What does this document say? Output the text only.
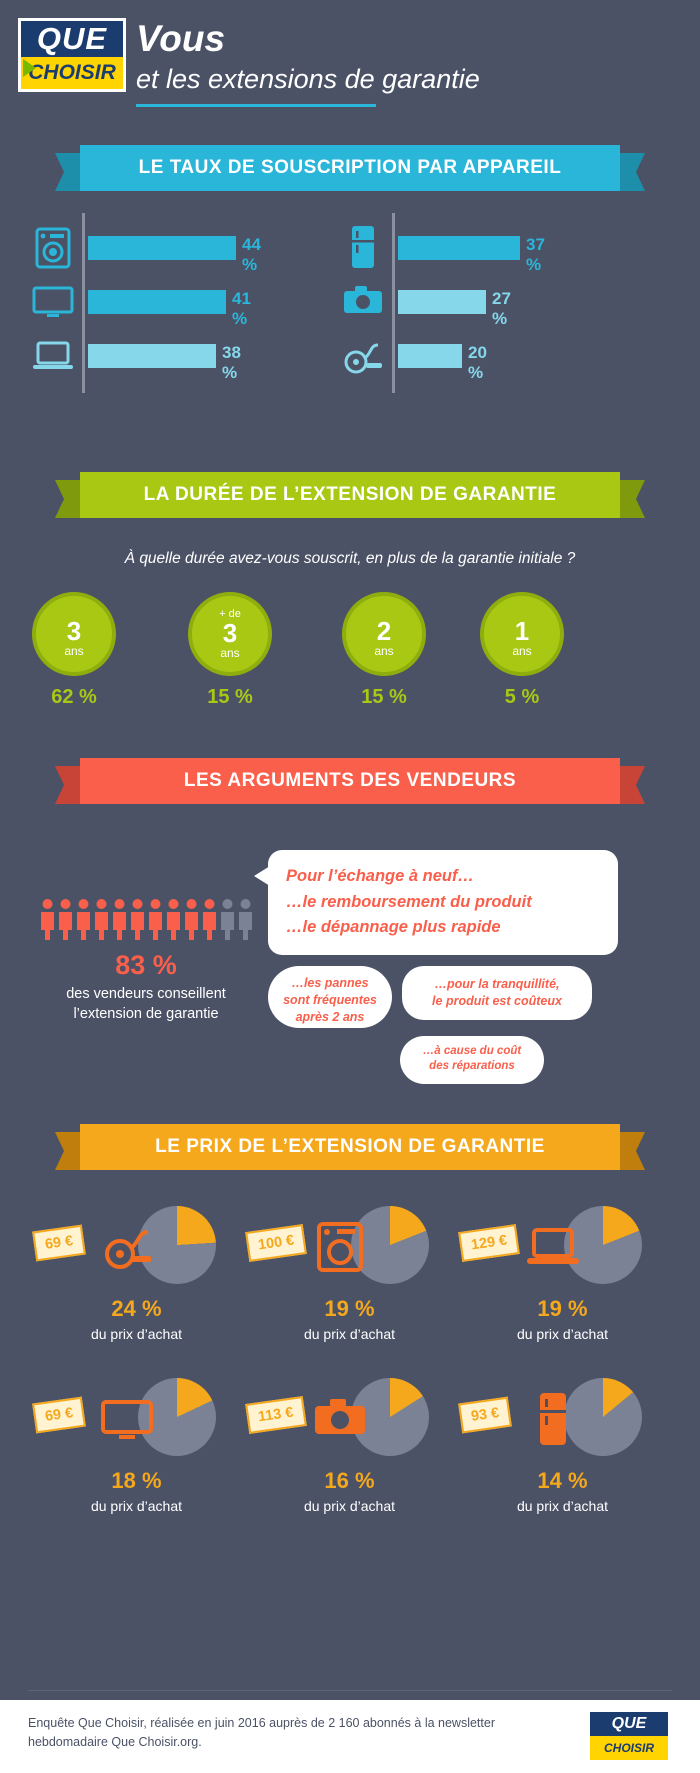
QUE
CHOISIR
Vous
et les extensions de garantie
LE TAUX DE SOUSCRIPTION PAR APPAREIL
44 %
41 %
38 %
37 %
27 %
20 %
LA DURÉE DE L’EXTENSION DE GARANTIE
À quelle durée avez-vous souscrit, en plus de la garantie initiale ?
3
ans
62 %
+ de
3
ans
15 %
2
ans
15 %
1
ans
5 %
LES ARGUMENTS DES VENDEURS
83 %
des vendeurs conseillent l’extension de garantie
Pour l’échange à neuf…
…le remboursement du produit
…le dépannage plus rapide
…les pannes
sont fréquentes
après 2 ans
…pour la tranquillité,
le produit est coûteux
…à cause du coût
des réparations
LE PRIX DE L’EXTENSION DE GARANTIE
69 €
24 %
du prix d’achat
100 €
19 %
du prix d’achat
129 €
19 %
du prix d’achat
69 €
18 %
du prix d’achat
113 €
16 %
du prix d’achat
93 €
14 %
du prix d’achat
Enquête Que Choisir, réalisée en juin 2016 auprès de 2 160 abonnés à la newsletter hebdomadaire Que Choisir.org.
QUE
CHOISIR
